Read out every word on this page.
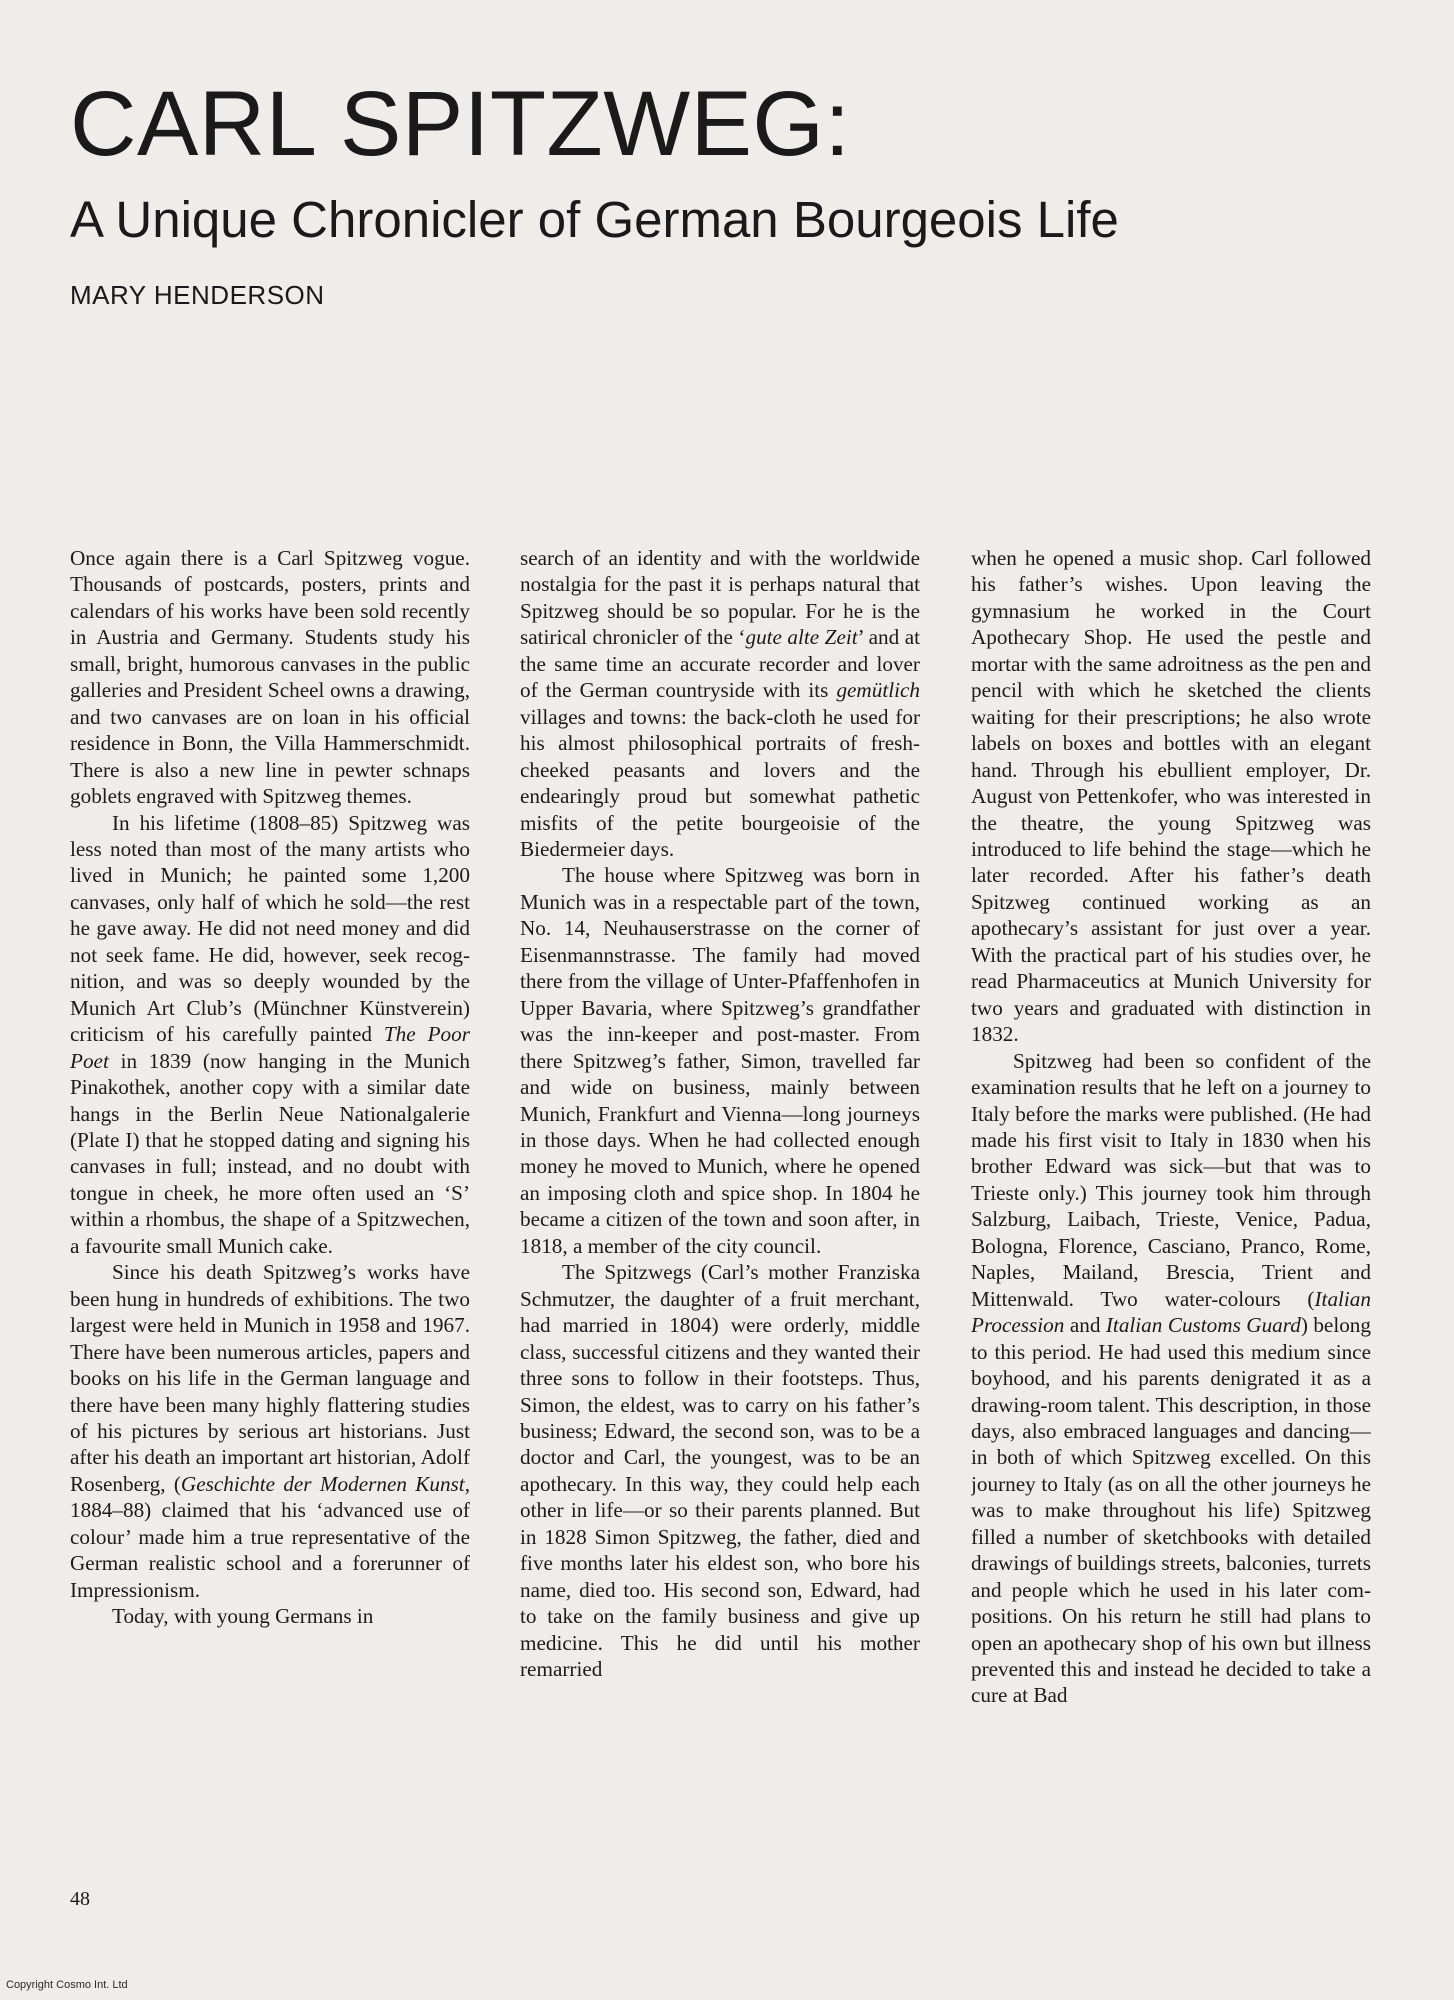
CARL SPITZWEG:
A Unique Chronicler of German Bourgeois Life
MARY HENDERSON

Once again there is a Carl Spitzweg vogue. Thousands of postcards, posters, prints and calendars of his works have been sold recently in Austria and Germany. Students study his small, bright, humorous canvases in the public galleries and President Scheel owns a drawing, and two canvases are on loan in his official residence in Bonn, the Villa Hammerschmidt. There is also a new line in pewter schnaps goblets engraved with Spitzweg themes.

In his lifetime (1808–85) Spitzweg was less noted than most of the many artists who lived in Munich; he painted some 1,200 canvases, only half of which he sold—the rest he gave away. He did not need money and did not seek fame. He did, however, seek recognition, and was so deeply wounded by the Munich Art Club’s (Münchner Künstverein) criticism of his carefully painted The Poor Poet in 1839 (now hanging in the Munich Pinakothek, another copy with a similar date hangs in the Berlin Neue Nationalgalerie (Plate I) that he stopped dating and signing his canvases in full; instead, and no doubt with tongue in cheek, he more often used an ‘S’ within a rhombus, the shape of a Spitzwechen, a favourite small Munich cake.

Since his death Spitzweg’s works have been hung in hundreds of exhibitions. The two largest were held in Munich in 1958 and 1967. There have been numerous articles, papers and books on his life in the German language and there have been many highly flattering studies of his pictures by serious art historians. Just after his death an important art historian, Adolf Rosenberg, (Geschichte der Modernen Kunst, 1884–88) claimed that his ‘advanced use of colour’ made him a true representative of the German realistic school and a forerunner of Impressionism.

Today, with young Germans in

search of an identity and with the worldwide nostalgia for the past it is perhaps natural that Spitzweg should be so popular. For he is the satirical chronicler of the ‘gute alte Zeit’ and at the same time an accurate recorder and lover of the German countryside with its gemütlich villages and towns: the back-cloth he used for his almost philosophical portraits of fresh-cheeked peasants and lovers and the endearingly proud but somewhat pathetic misfits of the petite bourgeoisie of the Biedermeier days.

The house where Spitzweg was born in Munich was in a respectable part of the town, No. 14, Neuhauserstrasse on the corner of Eisenmannstrasse. The family had moved there from the village of Unter-Pfaffenhofen in Upper Bavaria, where Spitzweg’s grandfather was the inn-keeper and post-master. From there Spitzweg’s father, Simon, travelled far and wide on business, mainly between Munich, Frankfurt and Vienna—long journeys in those days. When he had collected enough money he moved to Munich, where he opened an imposing cloth and spice shop. In 1804 he became a citizen of the town and soon after, in 1818, a member of the city council.

The Spitzwegs (Carl’s mother Franziska Schmutzer, the daughter of a fruit merchant, had married in 1804) were orderly, middle class, successful citizens and they wanted their three sons to follow in their footsteps. Thus, Simon, the eldest, was to carry on his father’s business; Edward, the second son, was to be a doctor and Carl, the youngest, was to be an apothecary. In this way, they could help each other in life—or so their parents planned. But in 1828 Simon Spitzweg, the father, died and five months later his eldest son, who bore his name, died too. His second son, Edward, had to take on the family business and give up medicine. This he did until his mother remarried

when he opened a music shop. Carl followed his father’s wishes. Upon leaving the gymnasium he worked in the Court Apothecary Shop. He used the pestle and mortar with the same adroitness as the pen and pencil with which he sketched the clients waiting for their prescriptions; he also wrote labels on boxes and bottles with an elegant hand. Through his ebullient employer, Dr. August von Pettenkofer, who was interested in the theatre, the young Spitzweg was introduced to life behind the stage—which he later recorded. After his father’s death Spitzweg continued working as an apothecary’s assistant for just over a year. With the practical part of his studies over, he read Pharmaceutics at Munich University for two years and graduated with distinction in 1832.

Spitzweg had been so confident of the examination results that he left on a journey to Italy before the marks were published. (He had made his first visit to Italy in 1830 when his brother Edward was sick—but that was to Trieste only.) This journey took him through Salzburg, Laibach, Trieste, Venice, Padua, Bologna, Florence, Casciano, Pranco, Rome, Naples, Mailand, Brescia, Trient and Mittenwald. Two water-colours (Italian Procession and Italian Customs Guard) belong to this period. He had used this medium since boyhood, and his parents denigrated it as a drawing-room talent. This description, in those days, also embraced languages and dancing—in both of which Spitzweg excelled. On this journey to Italy (as on all the other journeys he was to make throughout his life) Spitzweg filled a number of sketchbooks with detailed drawings of buildings streets, balconies, turrets and people which he used in his later compositions. On his return he still had plans to open an apothecary shop of his own but illness prevented this and instead he decided to take a cure at Bad

48
Copyright Cosmo Int. Ltd
